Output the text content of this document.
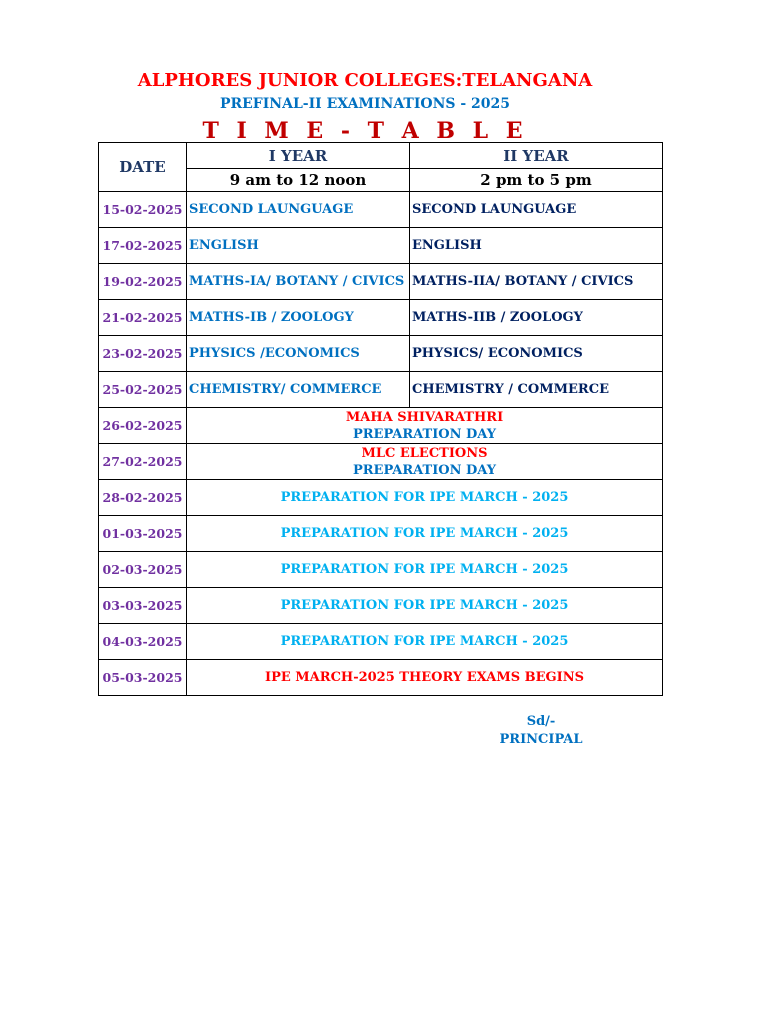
ALPHORES JUNIOR COLLEGES:TELANGANA
PREFINAL-II EXAMINATIONS - 2025
T I M E - T A B L E
DATE	I YEAR	II YEAR
	9 am to 12 noon	2 pm to 5 pm
15-02-2025	SECOND LAUNGUAGE	SECOND LAUNGUAGE
17-02-2025	ENGLISH	ENGLISH
19-02-2025	MATHS-IA/ BOTANY / CIVICS	MATHS-IIA/ BOTANY / CIVICS
21-02-2025	MATHS-IB / ZOOLOGY	MATHS-IIB / ZOOLOGY
23-02-2025	PHYSICS /ECONOMICS	PHYSICS/ ECONOMICS
25-02-2025	CHEMISTRY/ COMMERCE	CHEMISTRY / COMMERCE
26-02-2025	MAHA SHIVARATHRI
PREPARATION DAY	

27-02-2025	MLC ELECTIONS
PREPARATION DAY	

28-02-2025	PREPARATION FOR IPE MARCH - 2025	
01-03-2025	PREPARATION FOR IPE MARCH - 2025	
02-03-2025	PREPARATION FOR IPE MARCH - 2025	
03-03-2025	PREPARATION FOR IPE MARCH - 2025	
04-03-2025	PREPARATION FOR IPE MARCH - 2025	
05-03-2025	IPE MARCH-2025 THEORY EXAMS BEGINS	
Sd/-
PRINCIPAL
